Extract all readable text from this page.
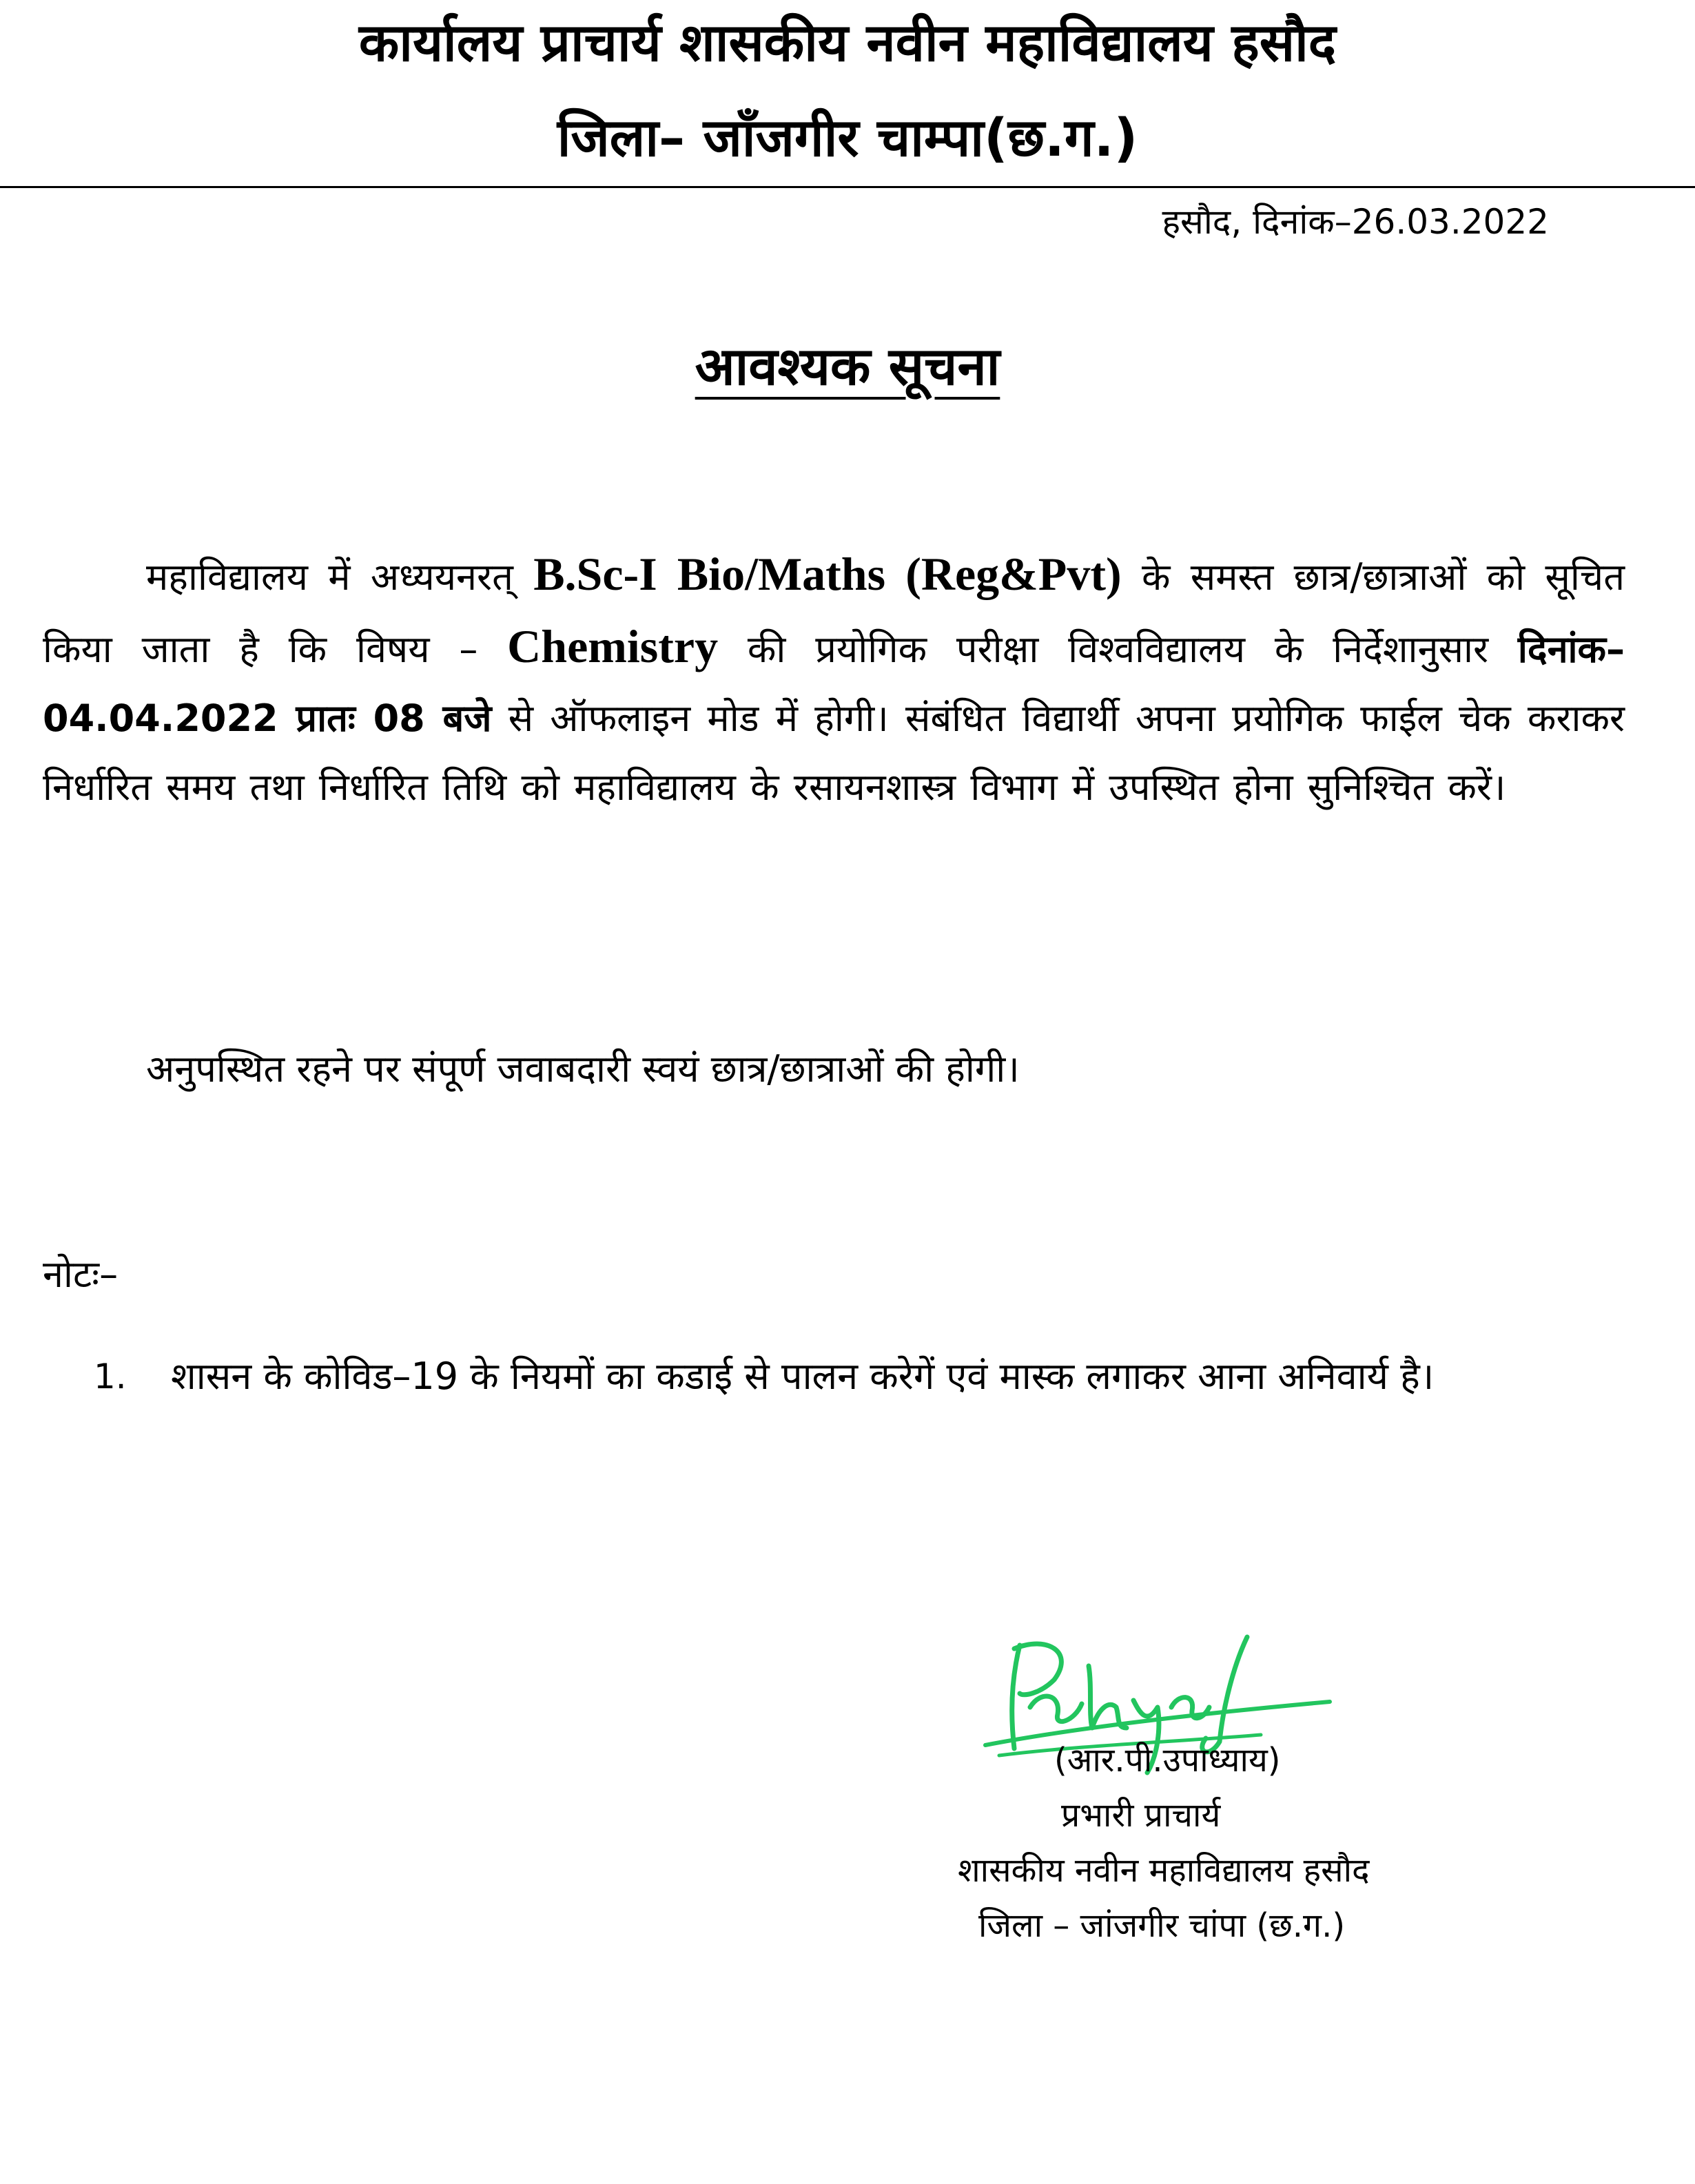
कार्यालय प्राचार्य शासकीय नवीन महाविद्यालय हसौद
जिला– जाँजगीर चाम्पा(छ.ग.)
हसौद, दिनांक–26.03.2022
आवश्यक सूचना
महाविद्यालय में अध्ययनरत् B.Sc-I Bio/Maths (Reg&Pvt) के समस्त छात्र/छात्राओं को सूचित किया जाता है कि विषय – Chemistry की प्रयोगिक परीक्षा विश्वविद्यालय के निर्देशानुसार दिनांक–04.04.2022 प्रातः 08 बजे से ऑफलाइन मोड में होगी। संबंधित विद्यार्थी अपना प्रयोगिक फाईल चेक कराकर निर्धारित समय तथा निर्धारित तिथि को महाविद्यालय के रसायनशास्त्र विभाग में उपस्थित होना सुनिश्चित करें।
अनुपस्थित रहने पर संपूर्ण जवाबदारी स्वयं छात्र/छात्राओं की होगी।
नोटः–
1.	शासन के कोविड–19 के नियमों का कडाई से पालन करेगें एवं मास्क लगाकर आना अनिवार्य है।
(आर.पी.उपाध्याय)
प्रभारी प्राचार्य
शासकीय नवीन महाविद्यालय हसौद
जिला – जांजगीर चांपा (छ.ग.)
